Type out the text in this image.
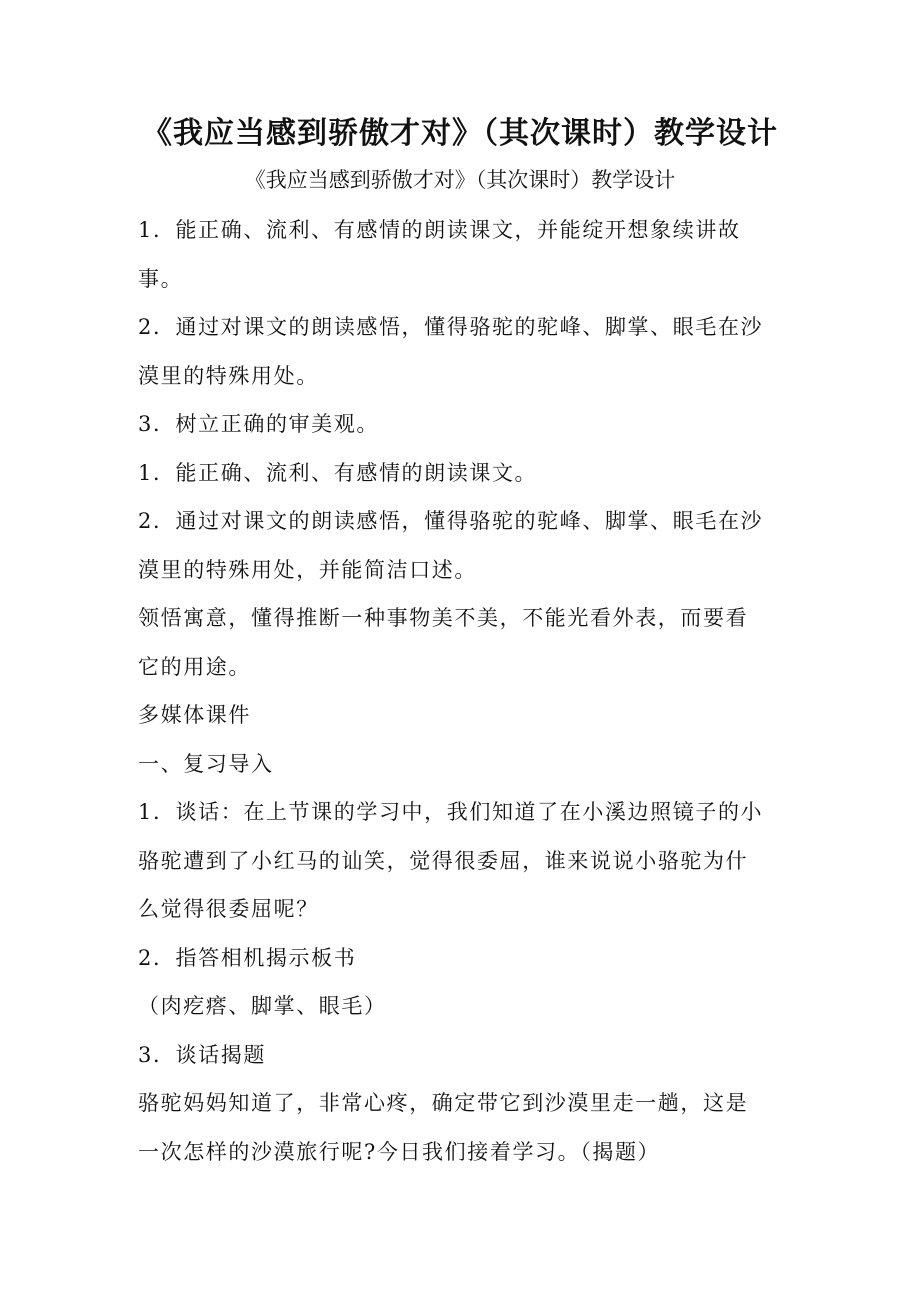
《我应当感到骄傲才对》（其次课时）教学设计
《我应当感到骄傲才对》（其次课时）教学设计
1．能正确、流利、有感情的朗读课文，并能绽开想象续讲故
事。
2．通过对课文的朗读感悟，懂得骆驼的驼峰、脚掌、眼毛在沙
漠里的特殊用处。
3．树立正确的审美观。
1．能正确、流利、有感情的朗读课文。
2．通过对课文的朗读感悟，懂得骆驼的驼峰、脚掌、眼毛在沙
漠里的特殊用处，并能简洁口述。
领悟寓意，懂得推断一种事物美不美，不能光看外表，而要看
它的用途。
多媒体课件
一、复习导入
1．谈话：在上节课的学习中，我们知道了在小溪边照镜子的小
骆驼遭到了小红马的讪笑，觉得很委屈，谁来说说小骆驼为什
么觉得很委屈呢？
2．指答相机揭示板书
（肉疙瘩、脚掌、眼毛）
3．谈话揭题
骆驼妈妈知道了，非常心疼，确定带它到沙漠里走一趟，这是
一次怎样的沙漠旅行呢?今日我们接着学习。（揭题）
